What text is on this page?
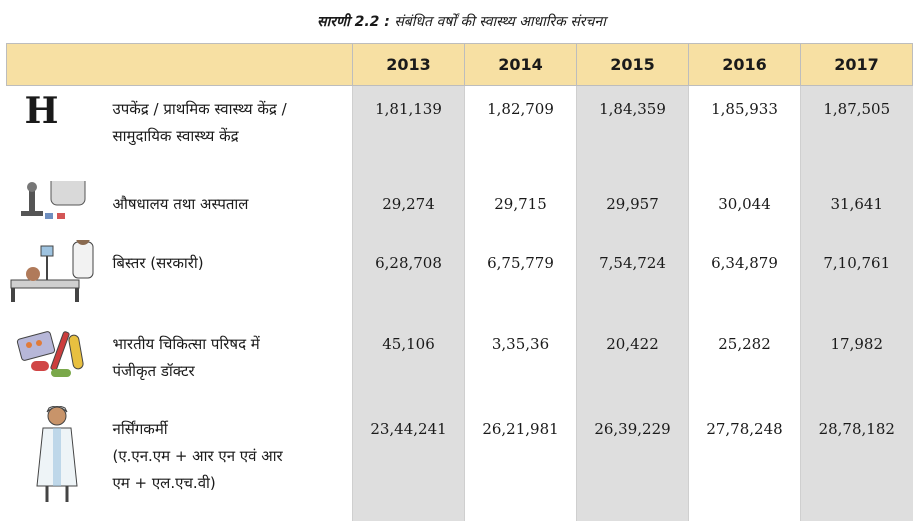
सारणी 2.2 : संबंधित वर्षों की स्वास्थ्य आधारिक संरचना
		2013	2014	2015	2016	2017

H	उपकेंद्र / प्राथमिक स्वास्थ्य केंद्र /
सामुदायिक स्वास्थ्य केंद्र	1,81,139	1,82,709	1,84,359	1,85,933	1,87,505

औषधालय तथा अस्पताल	29,274	29,715	29,957	30,044	31,641

बिस्तर (सरकारी)	6,28,708	6,75,779	7,54,724	6,34,879	7,10,761

भारतीय चिकित्सा परिषद में
पंजीकृत डॉक्टर	45,106	3,35,36	20,422	25,282	17,982

नर्सिंगकर्मी
(ए.एन.एम + आर एन एवं आर
एम + एल.एच.वी)	23,44,241	26,21,981	26,39,229	27,78,248	28,78,182
